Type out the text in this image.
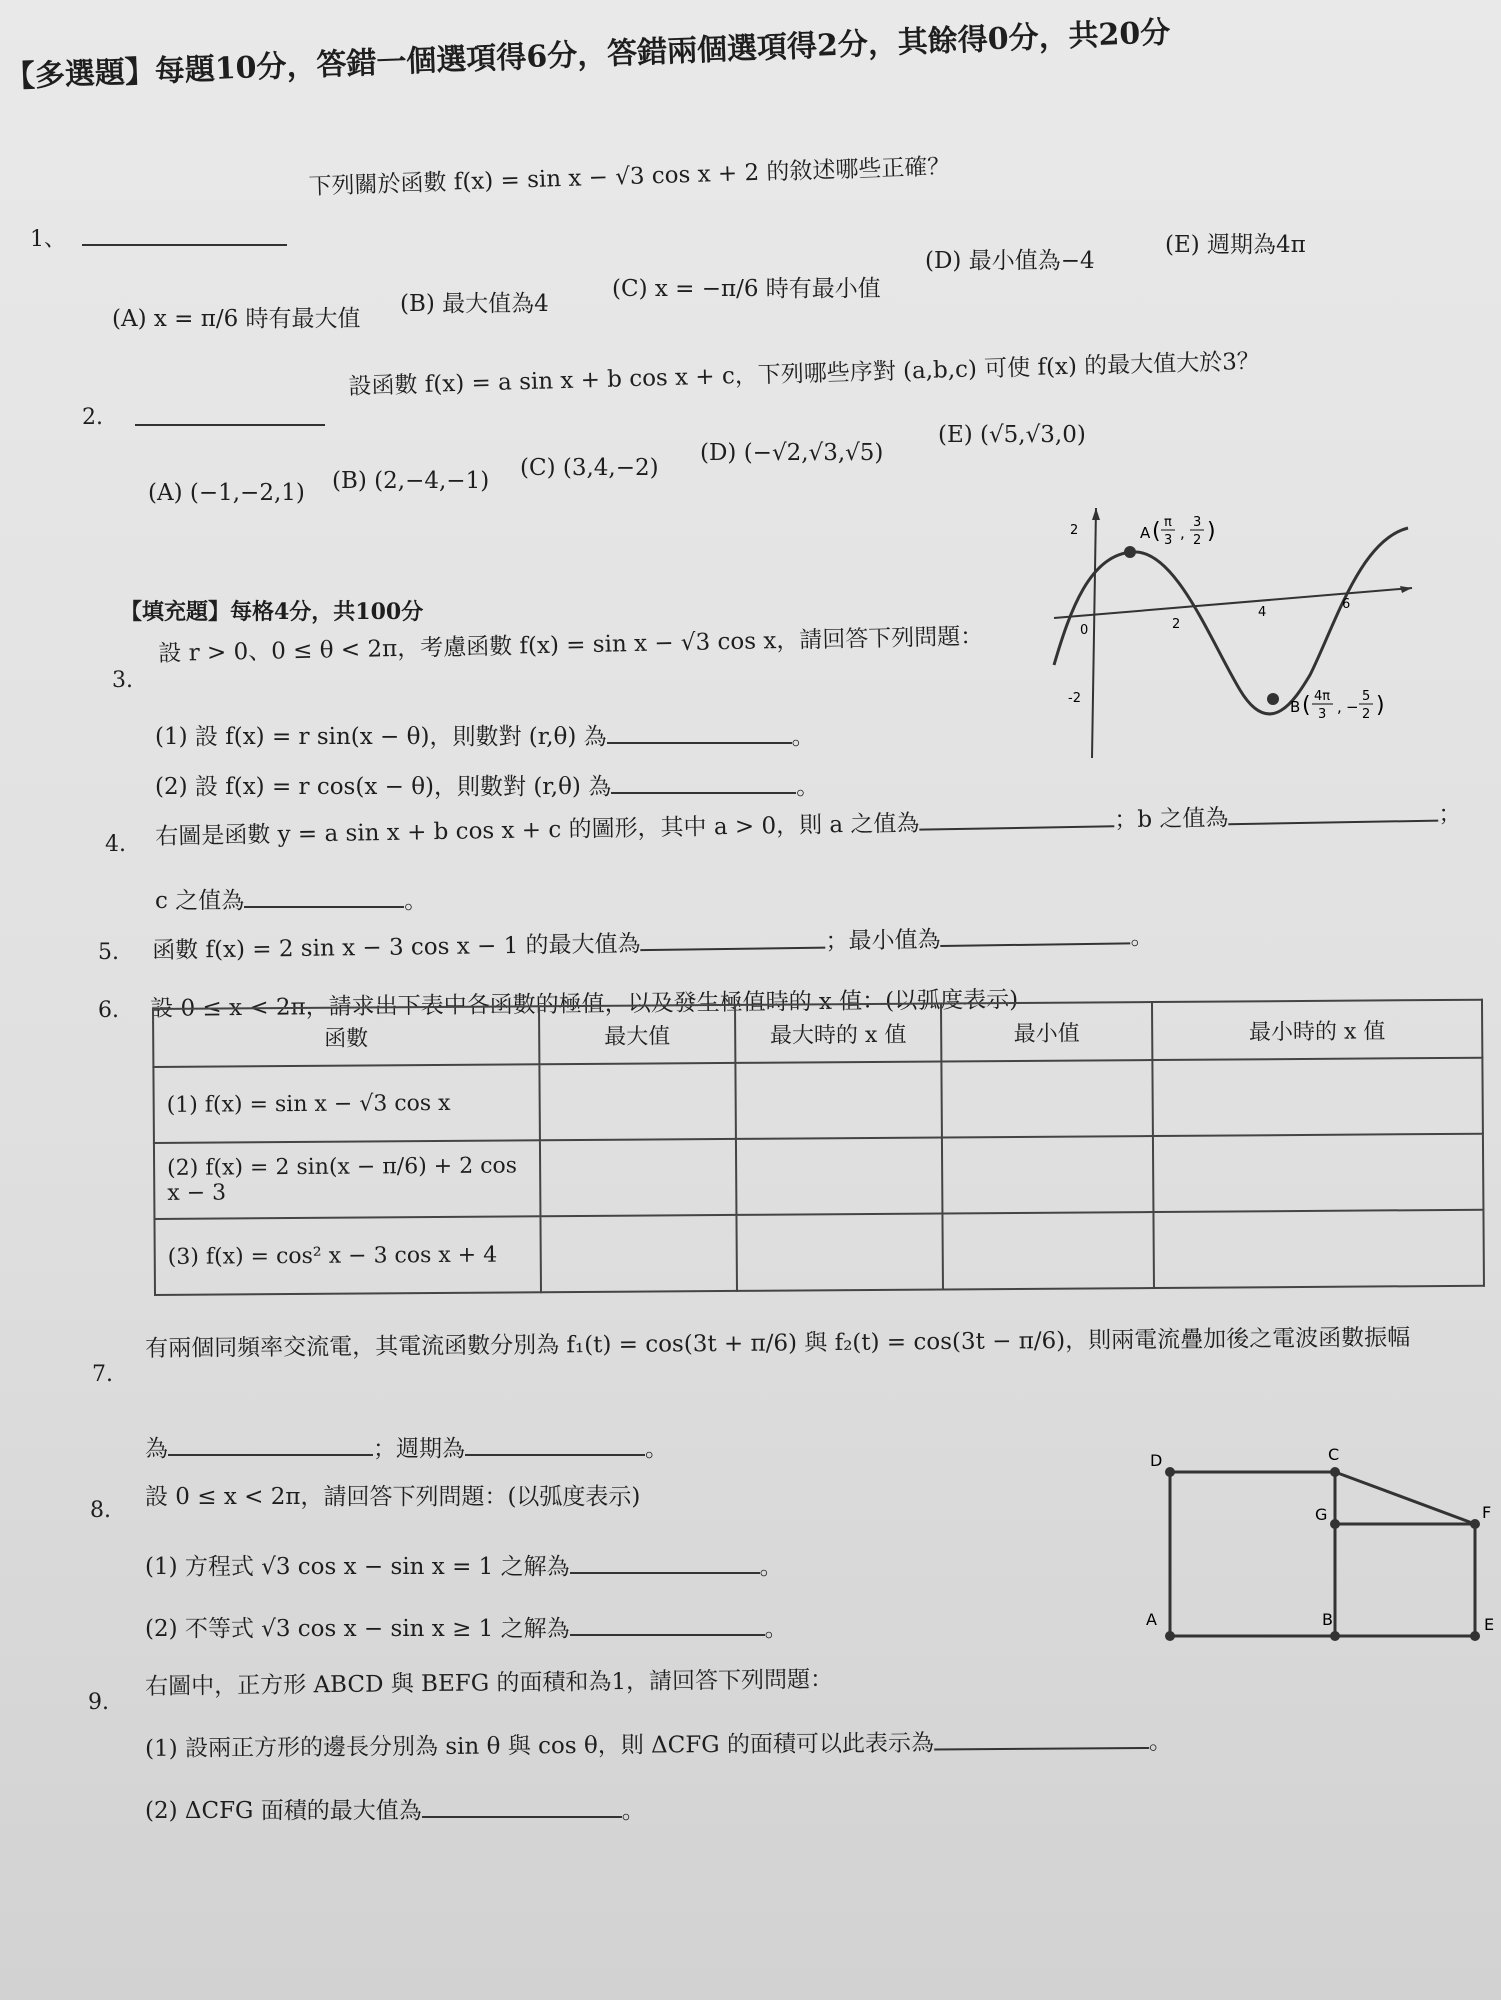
【多選題】每題10分，答錯一個選項得6分，答錯兩個選項得2分，其餘得0分，共20分
1、
下列關於函數 f(x) = sin x − √3 cos x + 2 的敘述哪些正確？
(A) x = π/6 時有最大值
(B) 最大值為4
(C) x = −π/6 時有最小值
(D) 最小值為−4
(E) 週期為4π
2.
設函數 f(x) = a sin x + b cos x + c，下列哪些序對 (a,b,c) 可使 f(x) 的最大值大於3？
(A) (−1,−2,1) (B) (2,−4,−1) (C) (3,4,−2)
(D) (−√2,√3,√5)
(E) (√5,√3,0)
【填充題】每格4分，共100分
3.
設 r > 0、0 ≤ θ < 2π，考慮函數 f(x) = sin x − √3 cos x，請回答下列問題：
(1) 設 f(x) = r sin(x − θ)，則數對 (r,θ) 為	。
(2) 設 f(x) = r cos(x − θ)，則數對 (r,θ) 為	。
2
-2
0	2
4
6
A ( π
3 ,
3
2 )
B ( 4π
3 , −
5
2 )
4. 右圖是函數 y = a sin x + b cos x + c 的圖形，其中 a > 0，則 a 之值為	；b 之值為	；
c 之值為	。
5. 函數 f(x) = 2 sin x − 3 cos x − 1 的最大值為	；最小值為	。
6. 設 0 ≤ x < 2π，請求出下表中各函數的極值，以及發生極值時的 x 值：(以弧度表示)
函數	最大值	最大時的 x 值	最小值	最小時的 x 值
(1) f(x) = sin x − √3 cos x				
(2) f(x) = 2 sin(x − π/6) + 2 cos x − 3				
(3) f(x) = cos² x − 3 cos x + 4				
7.
有兩個同頻率交流電，其電流函數分別為 f₁(t) = cos(3t + π/6) 與 f₂(t) = cos(3t − π/6)，則兩電流疊加後之電波函數振幅
為	；週期為	。
8.
設 0 ≤ x < 2π，請回答下列問題：(以弧度表示)
(1) 方程式 √3 cos x − sin x = 1 之解為	。
(2) 不等式 √3 cos x − sin x ≥ 1 之解為	。
D	C
G	F
A	B	E
9.
右圖中，正方形 ABCD 與 BEFG 的面積和為1，請回答下列問題：
(1) 設兩正方形的邊長分別為 sin θ 與 cos θ，則 ΔCFG 的面積可以此表示為	。
(2) ΔCFG 面積的最大值為	。
